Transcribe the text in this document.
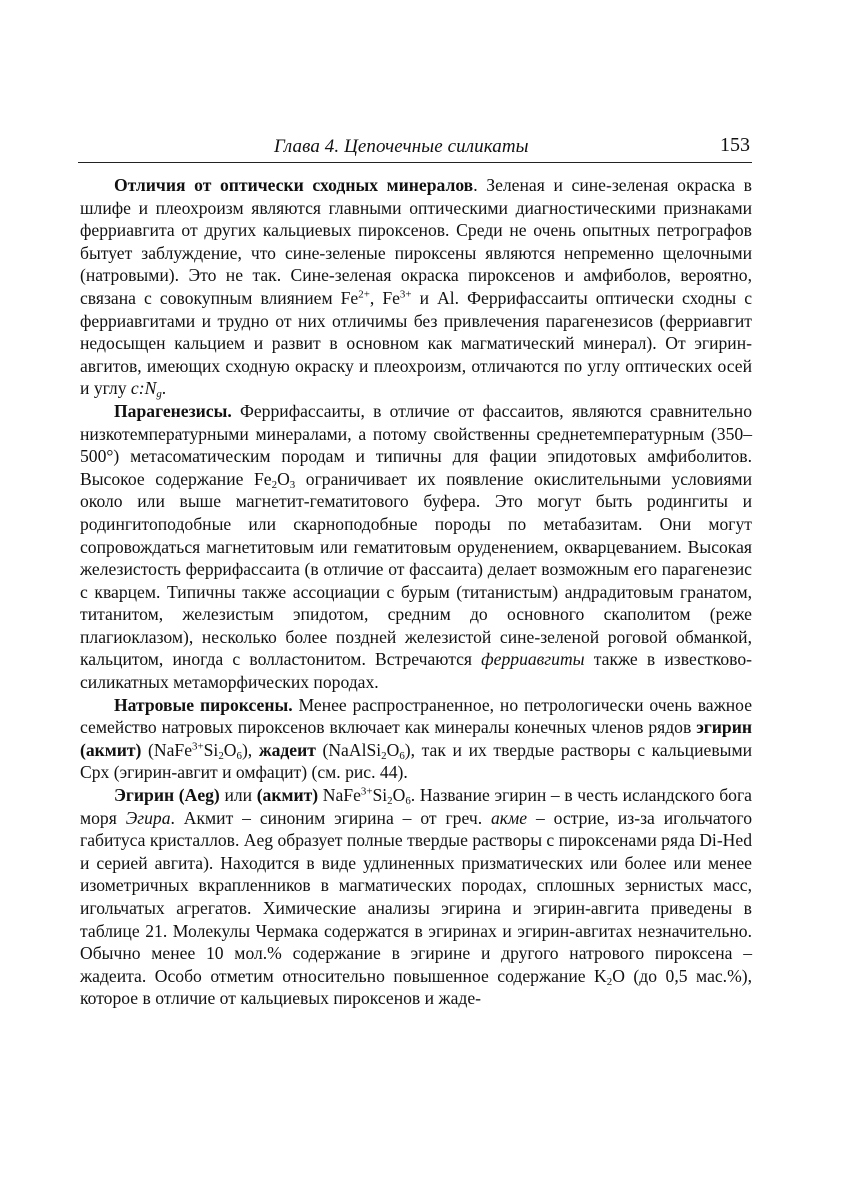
Глава 4. Цепочечные силикаты	153

Отличия от оптически сходных минералов. Зеленая и сине-зеленая окраска в шлифе и плеохроизм являются главными оптическими диагностическими признаками ферриавгита от других кальциевых пироксенов. Среди не очень опытных петрографов бытует заблуждение, что сине-зеленые пироксены являются непременно щелочными (натровыми). Это не так. Сине-зеленая окраска пироксенов и амфиболов, вероятно, связана с совокупным влиянием $Fe^{2+}$, $Fe^{3+}$ и Al. Феррифассаиты оптически сходны с ферриавгитами и трудно от них отличимы без привлечения парагенезисов (ферриавгит недосыщен кальцием и развит в основном как магматический минерал). От эгирин-авгитов, имеющих сходную окраску и плеохроизм, отличаются по углу оптических осей и углу $c:N_g$.

Парагенезисы. Феррифассаиты, в отличие от фассаитов, являются сравнительно низкотемпературными минералами, а потому свойственны среднетемпературным (350–500°) метасоматическим породам и типичны для фации эпидотовых амфиболитов. Высокое содержание $Fe_2O_3$ ограничивает их появление окислительными условиями около или выше магнетит-гематитового буфера. Это могут быть родингиты и родингитоподобные или скарноподобные породы по метабазитам. Они могут сопровождаться магнетитовым или гематитовым оруденением, окварцеванием. Высокая железистость феррифассаита (в отличие от фассаита) делает возможным его парагенезис с кварцем. Типичны также ассоциации с бурым (титанистым) андрадитовым гранатом, титанитом, железистым эпидотом, средним до основного скаполитом (реже плагиоклазом), несколько более поздней железистой сине-зеленой роговой обманкой, кальцитом, иногда с волластонитом. Встречаются ферриавгиты также в известково-силикатных метаморфических породах.

Натровые пироксены. Менее распространенное, но петрологически очень важное семейство натровых пироксенов включает как минералы конечных членов рядов эгирин (акмит) $(NaFe^{3+}Si_2O_6)$, жадеит $(NaAlSi_2O_6)$, так и их твердые растворы с кальциевыми Cpx (эгирин-авгит и омфацит) (см. рис. 44).

Эгирин (Aeg) или (акмит) $NaFe^{3+}Si_2O_6$. Название эгирин – в честь исландского бога моря Эгира. Акмит – синоним эгирина – от греч. акме – острие, из-за игольчатого габитуса кристаллов. Aeg образует полные твердые растворы с пироксенами ряда Di-Hed и серией авгита). Находится в виде удлиненных призматических или более или менее изометричных вкрапленников в магматических породах, сплошных зернистых масс, игольчатых агрегатов. Химические анализы эгирина и эгирин-авгита приведены в таблице 21. Молекулы Чермака содержатся в эгиринах и эгирин-авгитах незначительно. Обычно менее 10 мол.% содержание в эгирине и другого натрового пироксена – жадеита. Особо отметим относительно повышенное содержание $K_2O$ (до 0,5 мас.%), которое в отличие от кальциевых пироксенов и жаде-
